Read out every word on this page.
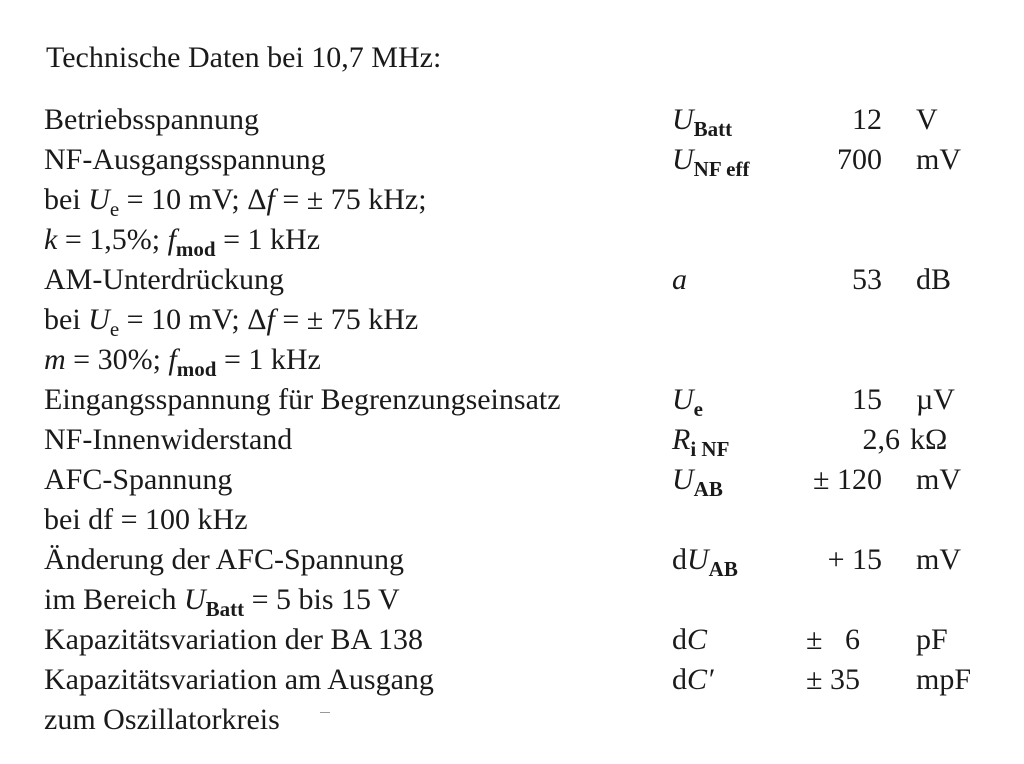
Technische Daten bei 10,7 MHz:
Betriebsspannung	$U_{Batt}$	12 V
NF-Ausgangsspannung	$U_{NF eff}$	700 mV
bei $U_e = 10$ mV; Δf = ± 75 kHz;
k = 1,5%; $f_{mod} = 1$ kHz
AM-Unterdrückung	a	53 dB
bei $U_e = 10$ mV; Δf = ± 75 kHz
m = 30%; $f_{mod} = 1$ kHz
Eingangsspannung für Begrenzungseinsatz	$U_e$	15 µV
NF-Innenwiderstand	$R_{i NF}$	2,6 kΩ
AFC-Spannung	$U_{AB}$	± 120 mV
bei df = 100 kHz
Änderung der AFC-Spannung	$dU_{AB}$	+ 15 mV
im Bereich $U_{Batt} = 5$ bis 15 V
Kapazitätsvariation der BA 138	dC	±   6 pF
Kapazitätsvariation am Ausgang	dC′	± 35 mpF
zum Oszillatorkreis
